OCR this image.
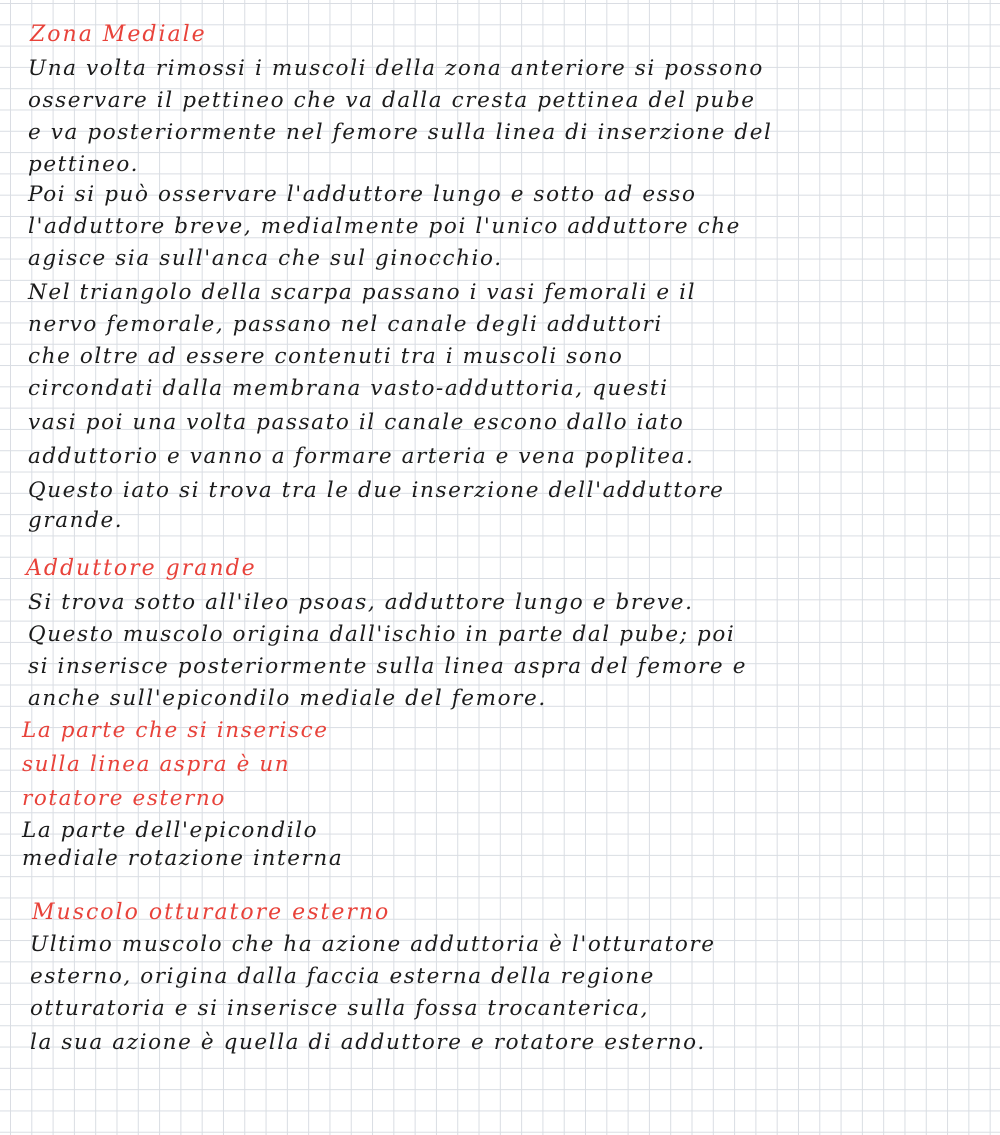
Zona Mediale

Una volta rimossi i muscoli della zona anteriore si possono

osservare il pettineo che va dalla cresta pettinea del pube

e va posteriormente nel femore sulla linea di inserzione del

pettineo.

Poi si può osservare l'adduttore lungo e sotto ad esso

l'adduttore breve, medialmente poi l'unico adduttore che

agisce sia sull'anca che sul ginocchio.

Nel triangolo della scarpa passano i vasi femorali e il

nervo femorale, passano nel canale degli adduttori

che oltre ad essere contenuti tra i muscoli sono

circondati dalla membrana vasto-adduttoria, questi

vasi poi una volta passato il canale escono dallo iato

adduttorio e vanno a formare arteria e vena poplitea.

Questo iato si trova tra le due inserzione dell'adduttore

grande.

Adduttore grande

Si trova sotto all'ileo psoas, adduttore lungo e breve.

Questo muscolo origina dall'ischio in parte dal pube; poi

si inserisce posteriormente sulla linea aspra del femore e

anche sull'epicondilo mediale del femore.

La parte che si inserisce

sulla linea aspra è un

rotatore esterno

La parte dell'epicondilo

mediale rotazione interna

Muscolo otturatore esterno

Ultimo muscolo che ha azione adduttoria è l'otturatore

esterno, origina dalla faccia esterna della regione

otturatoria e si inserisce sulla fossa trocanterica,

la sua azione è quella di adduttore e rotatore esterno.
